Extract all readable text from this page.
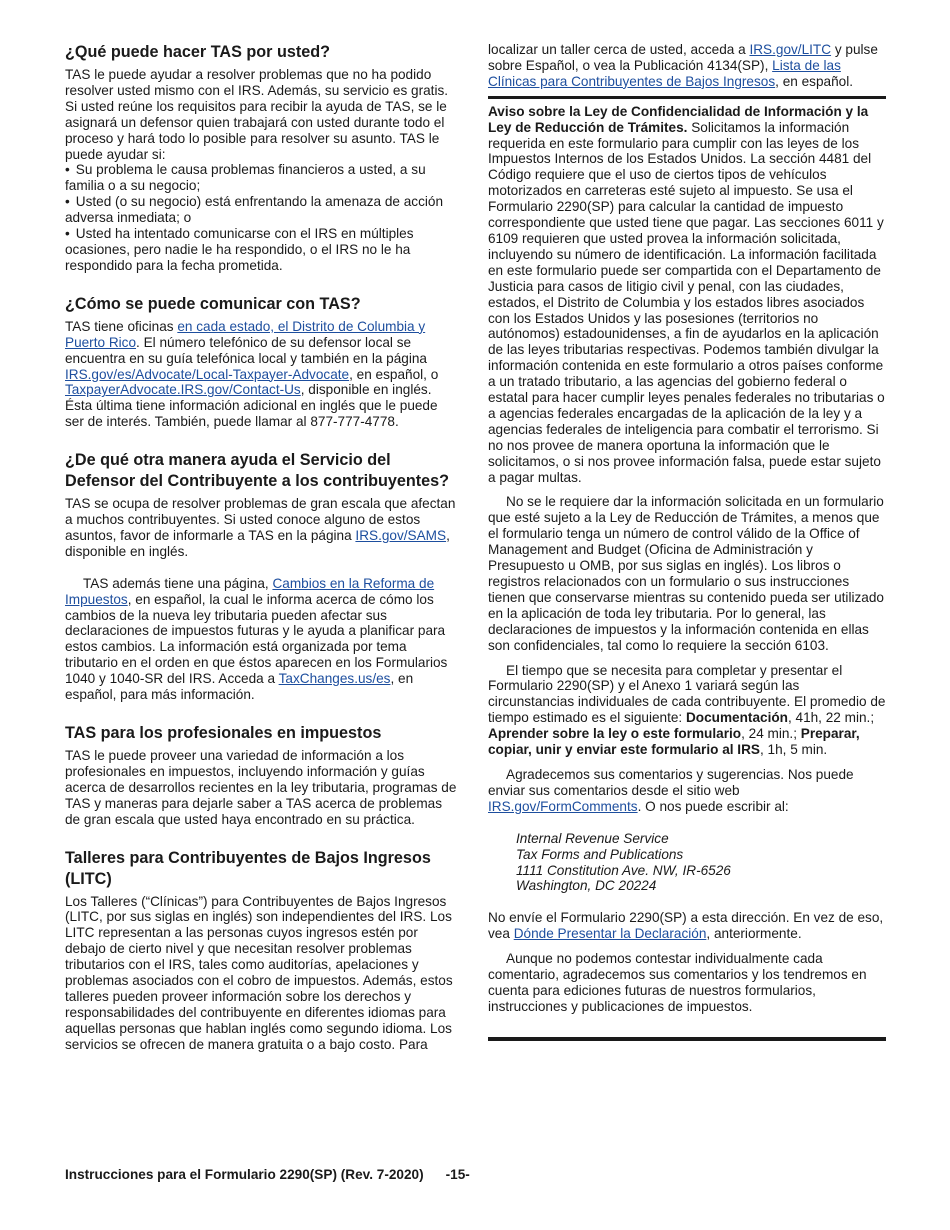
¿Qué puede hacer TAS por usted?

TAS le puede ayudar a resolver problemas que no ha podido resolver usted mismo con el IRS. Además, su servicio es gratis. Si usted reúne los requisitos para recibir la ayuda de TAS, se le asignará un defensor quien trabajará con usted durante todo el proceso y hará todo lo posible para resolver su asunto. TAS le puede ayudar si:

• Su problema le causa problemas financieros a usted, a su familia o a su negocio;
• Usted (o su negocio) está enfrentando la amenaza de acción adversa inmediata; o
• Usted ha intentado comunicarse con el IRS en múltiples ocasiones, pero nadie le ha respondido, o el IRS no le ha respondido para la fecha prometida.
¿Cómo se puede comunicar con TAS?

TAS tiene oficinas en cada estado, el Distrito de Columbia y Puerto Rico. El número telefónico de su defensor local se encuentra en su guía telefónica local y también en la página IRS.gov/es/Advocate/Local-Taxpayer-Advocate, en español, o TaxpayerAdvocate.IRS.gov/Contact-Us, disponible en inglés. Ésta última tiene información adicional en inglés que le puede ser de interés. También, puede llamar al 877-777-4778.

¿De qué otra manera ayuda el Servicio del Defensor del Contribuyente a los contribuyentes?

TAS se ocupa de resolver problemas de gran escala que afectan a muchos contribuyentes. Si usted conoce alguno de estos asuntos, favor de informarle a TAS en la página IRS.gov/SAMS, disponible en inglés.

TAS además tiene una página, Cambios en la Reforma de Impuestos, en español, la cual le informa acerca de cómo los cambios de la nueva ley tributaria pueden afectar sus declaraciones de impuestos futuras y le ayuda a planificar para estos cambios. La información está organizada por tema tributario en el orden en que éstos aparecen en los Formularios 1040 y 1040-SR del IRS. Acceda a TaxChanges.us/es, en español, para más información.

TAS para los profesionales en impuestos

TAS le puede proveer una variedad de información a los profesionales en impuestos, incluyendo información y guías acerca de desarrollos recientes en la ley tributaria, programas de TAS y maneras para dejarle saber a TAS acerca de problemas de gran escala que usted haya encontrado en su práctica.

Talleres para Contribuyentes de Bajos Ingresos (LITC)

Los Talleres (“Clínicas”) para Contribuyentes de Bajos Ingresos (LITC, por sus siglas en inglés) son independientes del IRS. Los LITC representan a las personas cuyos ingresos estén por debajo de cierto nivel y que necesitan resolver problemas tributarios con el IRS, tales como auditorías, apelaciones y problemas asociados con el cobro de impuestos. Además, estos talleres pueden proveer información sobre los derechos y responsabilidades del contribuyente en diferentes idiomas para aquellas personas que hablan inglés como segundo idioma. Los servicios se ofrecen de manera gratuita o a bajo costo. Para

localizar un taller cerca de usted, acceda a IRS.gov/LITC y pulse sobre Español, o vea la Publicación 4134(SP), Lista de las Clínicas para Contribuyentes de Bajos Ingresos, en español.

Aviso sobre la Ley de Confidencialidad de Información y la Ley de Reducción de Trámites. Solicitamos la información requerida en este formulario para cumplir con las leyes de los Impuestos Internos de los Estados Unidos. La sección 4481 del Código requiere que el uso de ciertos tipos de vehículos motorizados en carreteras esté sujeto al impuesto. Se usa el Formulario 2290(SP) para calcular la cantidad de impuesto correspondiente que usted tiene que pagar. Las secciones 6011 y 6109 requieren que usted provea la información solicitada, incluyendo su número de identificación. La información facilitada en este formulario puede ser compartida con el Departamento de Justicia para casos de litigio civil y penal, con las ciudades, estados, el Distrito de Columbia y los estados libres asociados con los Estados Unidos y las posesiones (territorios no autónomos) estadounidenses, a fin de ayudarlos en la aplicación de las leyes tributarias respectivas. Podemos también divulgar la información contenida en este formulario a otros países conforme a un tratado tributario, a las agencias del gobierno federal o estatal para hacer cumplir leyes penales federales no tributarias o a agencias federales encargadas de la aplicación de la ley y a agencias federales de inteligencia para combatir el terrorismo. Si no nos provee de manera oportuna la información que le solicitamos, o si nos provee información falsa, puede estar sujeto a pagar multas.

No se le requiere dar la información solicitada en un formulario que esté sujeto a la Ley de Reducción de Trámites, a menos que el formulario tenga un número de control válido de la Office of Management and Budget (Oficina de Administración y Presupuesto u OMB, por sus siglas en inglés). Los libros o registros relacionados con un formulario o sus instrucciones tienen que conservarse mientras su contenido pueda ser utilizado en la aplicación de toda ley tributaria. Por lo general, las declaraciones de impuestos y la información contenida en ellas son confidenciales, tal como lo requiere la sección 6103.

El tiempo que se necesita para completar y presentar el Formulario 2290(SP) y el Anexo 1 variará según las circunstancias individuales de cada contribuyente. El promedio de tiempo estimado es el siguiente: Documentación, 41h, 22 min.; Aprender sobre la ley o este formulario, 24 min.; Preparar, copiar, unir y enviar este formulario al IRS, 1h, 5 min.

Agradecemos sus comentarios y sugerencias. Nos puede enviar sus comentarios desde el sitio web IRS.gov/FormComments. O nos puede escribir al:

Internal Revenue Service
Tax Forms and Publications
1111 Constitution Ave. NW, IR-6526
Washington, DC 20224

No envíe el Formulario 2290(SP) a esta dirección. En vez de eso, vea Dónde Presentar la Declaración, anteriormente.

Aunque no podemos contestar individualmente cada comentario, agradecemos sus comentarios y los tendremos en cuenta para ediciones futuras de nuestros formularios, instrucciones y publicaciones de impuestos.

Instrucciones para el Formulario 2290(SP) (Rev. 7-2020) -15-
